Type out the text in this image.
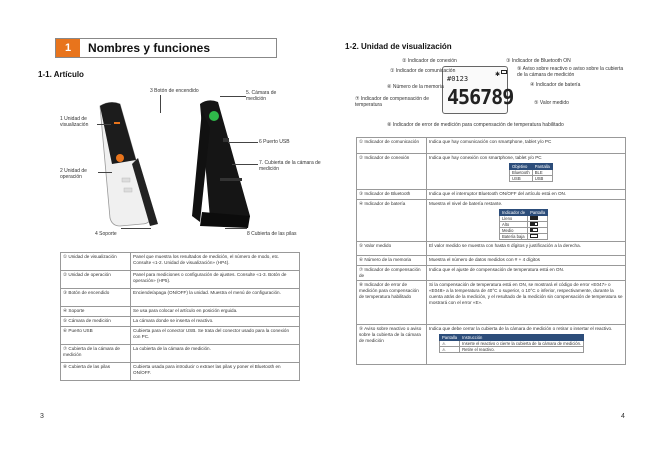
1	Nombres y funciones
1-1. Artículo
3 Botón de encendido	5. Cámara de medición
1 Unidad de visualización
6 Puerto USB
2 Unidad de operación
7. Cubierta de la cámara de medición
4 Soporte	8 Cubierta de las pilas
① Unidad de visualización	Panel que muestra los resultados de medición, el número de modo, etc. Consulte «1-2. Unidad de visualización» (HP4).
② Unidad de operación	Panel para mediciones o configuración de ajustes. Consulte «1-3. Botón de operación» (HP5).
③ Botón de encendido	Enciende/apaga (ON/OFF) la unidad. Muestra el menú de configuración.
④ Soporte	Se usa para colocar el artículo en posición erguida.
⑤ Cámara de medición	La cámara donde se inserta el reactivo.
⑥ Puerto USB	Cubierta para el conector USB. Se trata del conector usado para la conexión con PC.
⑦ Cubierta de la cámara de medición	La cubierta de la cámara de medición.
⑧ Cubierta de las pilas	Cubierta usada para introducir o extraer las pilas y poner el Bluetooth en ON/OFF.
3
1-2. Unidad de visualización
#0123
456789
✱
② Indicador de conexión
① Indicador de comunicación
③ Indicador de Bluetooth ON
⑨ Aviso sobre reactivo o aviso sobre la cubierta de la cámara de medición
④ Indicador de batería
⑥ Número de la memoria
⑦ Indicador de compensación de temperatura	⑤ Valor medido
⑧ Indicador de error de medición para compensación de temperatura habilitado
① Indicador de comunicación	Indica que hay comunicación con smartphone, tablet y/o PC
② Indicador de conexión	Indica que hay conexión con smartphone, tablet y/o PC
Objetivo	Pantalla
Bluetooth	BLE
USB	USB

③ Indicador de Bluetooth	Indica que el interruptor Bluetooth ON/OFF del artículo está en ON.
④ Indicador de batería	Muestra el nivel de batería restante.
Indicador de	Pantalla
Lleno	
Alto	
Medio	
Batería baja	

⑤ Valor medido	El valor medido se muestra con hasta 6 dígitos y justificación a la derecha.
⑥ Número de la memoria	Muestra el número de datos medidos con # + 4 dígitos
⑦ Indicador de compensación de	Indica que el ajuste de compensación de temperatura está en ON.
⑧ Indicador de error de medición para compensación de temperatura habilitado	Si la compensación de temperatura está en ON, se mostrará el código de error «E047» o «E048» a la temperatura de 40°C o superior, o 10°C o inferior, respectivamente, durante la cuenta atrás de la medición, y el resultado de la medición sin compensación de temperatura se mostrará con el error «E».
⑨ Aviso sobre reactivo o aviso sobre la cubierta de la cámara de medición	Indica que debe cerrar la cubierta de la cámara de medición o retirar o insertar el reactivo.
Pantalla	Instrucción
⚠	Inserte el reactivo o cierre la cubierta de la cámara de medición.
⚠	Retire el reactivo.
4
